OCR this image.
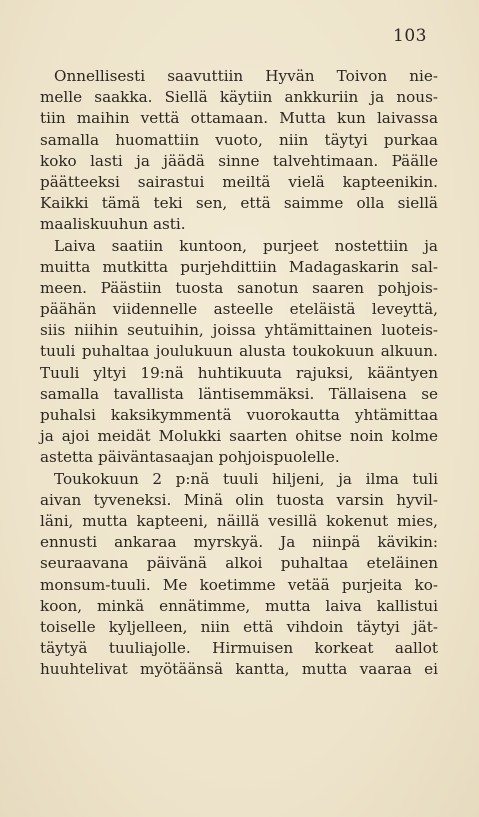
103
Onnellisesti saavuttiin Hyvän Toivon nie-
melle saakka. Siellä käytiin ankkuriin ja nous-
tiin maihin vettä ottamaan. Mutta kun laivassa
samalla huomattiin vuoto, niin täytyi purkaa
koko lasti ja jäädä sinne talvehtimaan. Päälle
päätteeksi sairastui meiltä vielä kapteenikin.
Kaikki tämä teki sen, että saimme olla siellä
maaliskuuhun asti.
Laiva saatiin kuntoon, purjeet nostettiin ja
muitta mutkitta purjehdittiin Madagaskarin sal-
meen. Päästiin tuosta sanotun saaren pohjois-
päähän viidennelle asteelle eteläistä leveyttä,
siis niihin seutuihin, joissa yhtämittainen luoteis-
tuuli puhaltaa joulukuun alusta toukokuun alkuun.
Tuuli yltyi 19:nä huhtikuuta rajuksi, kääntyen
samalla tavallista läntisemmäksi. Tällaisena se
puhalsi kaksikymmentä vuorokautta yhtämittaa
ja ajoi meidät Molukki saarten ohitse noin kolme
astetta päiväntasaajan pohjoispuolelle.
Toukokuun 2 p:nä tuuli hiljeni, ja ilma tuli
aivan tyveneksi. Minä olin tuosta varsin hyvil-
läni, mutta kapteeni, näillä vesillä kokenut mies,
ennusti ankaraa myrskyä. Ja niinpä kävikin:
seuraavana päivänä alkoi puhaltaa eteläinen
monsum-tuuli. Me koetimme vetää purjeita ko-
koon, minkä ennätimme, mutta laiva kallistui
toiselle kyljelleen, niin että vihdoin täytyi jät-
täytyä tuuliajolle. Hirmuisen korkeat aallot
huuhtelivat myötäänsä kantta, mutta vaaraa ei
